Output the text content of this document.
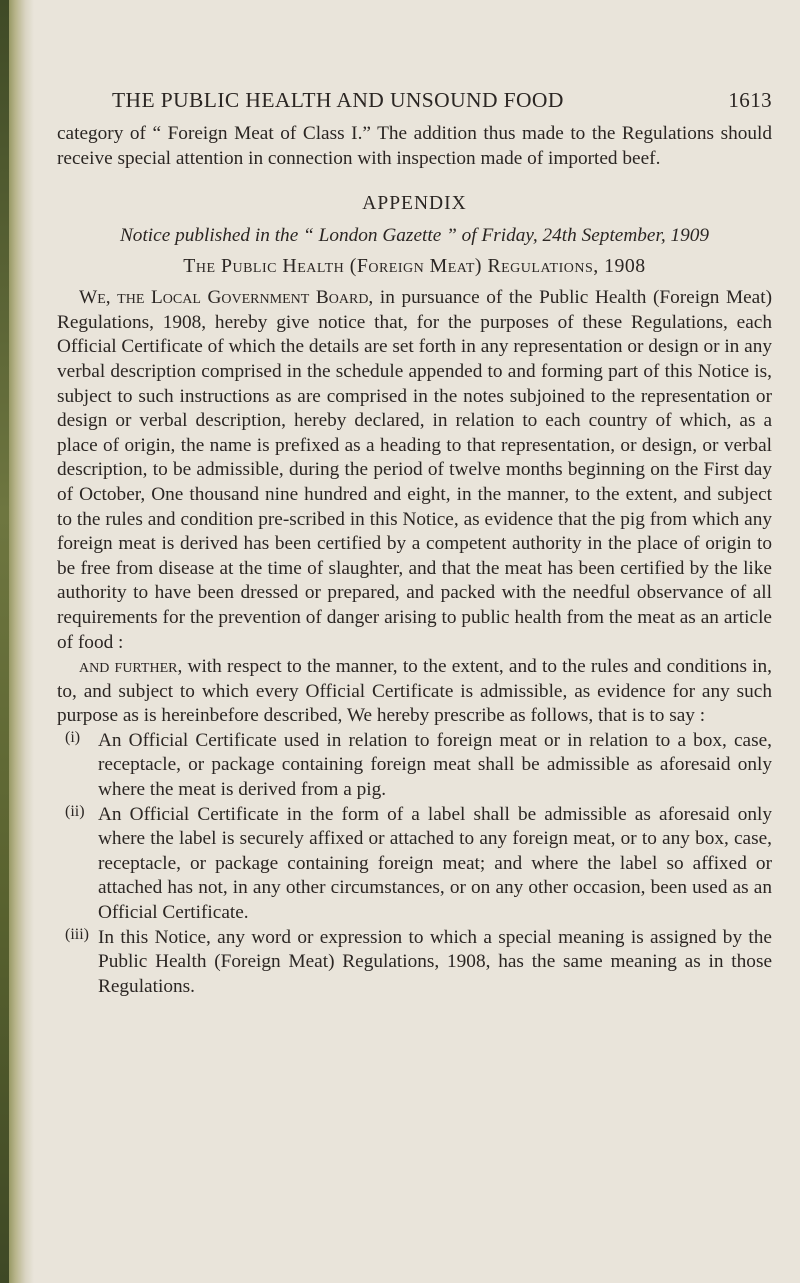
THE PUBLIC HEALTH AND UNSOUND FOOD	1613

category of “ Foreign Meat of Class I.” The addition thus made to the Regulations should receive special attention in connection with inspection made of imported beef.

APPENDIX
Notice published in the “ London Gazette ” of Friday, 24th September, 1909
The Public Health (Foreign Meat) Regulations, 1908

We, the Local Government Board, in pursuance of the Public Health (Foreign Meat) Regulations, 1908, hereby give notice that, for the purposes of these Regulations, each Official Certificate of which the details are set forth in any representation or design or in any verbal description comprised in the schedule appended to and forming part of this Notice is, subject to such instructions as are comprised in the notes subjoined to the representation or design or verbal description, hereby declared, in relation to each country of which, as a place of origin, the name is prefixed as a heading to that representation, or design, or verbal description, to be admissible, during the period of twelve months beginning on the First day of October, One thousand nine hundred and eight, in the manner, to the extent, and subject to the rules and condition pre-scribed in this Notice, as evidence that the pig from which any foreign meat is derived has been certified by a competent authority in the place of origin to be free from disease at the time of slaughter, and that the meat has been certified by the like authority to have been dressed or prepared, and packed with the needful observance of all requirements for the prevention of danger arising to public health from the meat as an article of food :

and further, with respect to the manner, to the extent, and to the rules and conditions in, to, and subject to which every Official Certificate is admissible, as evidence for any such purpose as is hereinbefore described, We hereby prescribe as follows, that is to say :

(i) An Official Certificate used in relation to foreign meat or in relation to a box, case, receptacle, or package containing foreign meat shall be admissible as aforesaid only where the meat is derived from a pig.

(ii) An Official Certificate in the form of a label shall be admissible as aforesaid only where the label is securely affixed or attached to any foreign meat, or to any box, case, receptacle, or package containing foreign meat; and where the label so affixed or attached has not, in any other circumstances, or on any other occasion, been used as an Official Certificate.

(iii) In this Notice, any word or expression to which a special meaning is assigned by the Public Health (Foreign Meat) Regulations, 1908, has the same meaning as in those Regulations.
